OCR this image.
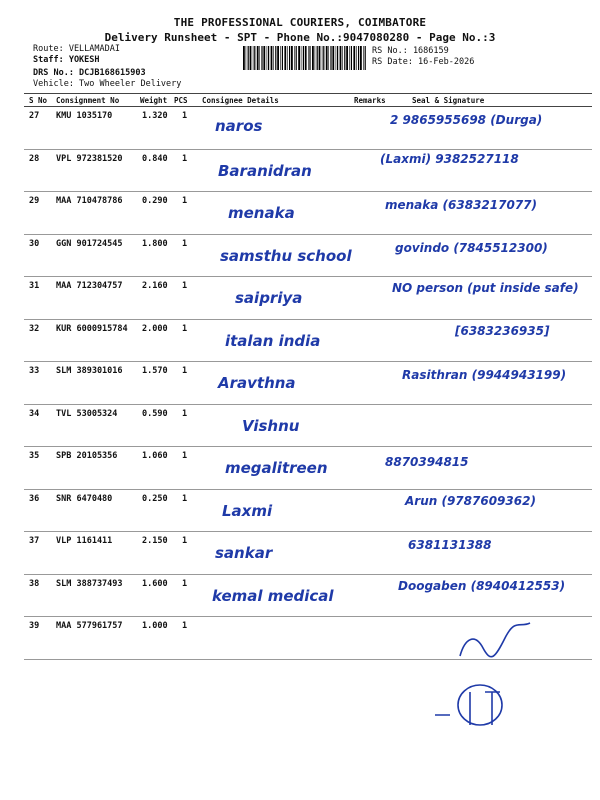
THE PROFESSIONAL COURIERS, COIMBATORE
Delivery Runsheet - SPT - Phone No.:9047080280 - Page No.:3
Route: VELLAMADAI
Staff: YOKESH
DRS No.: DCJB168615903
Vehicle: Two Wheeler Delivery
RS No.: 1686159
RS Date: 16-Feb-2026
S No Consignment No	Weight PCS Consignee Details	Remarks	Seal & Signature
27 KMU 1035170	1.320 1
naros	2 9865955698 (Durga)
28 VPL 972381520 0.840 1
Baranidran
(Laxmi) 9382527118
29 MAA 710478786 0.290 1
menaka	menaka (6383217077)
30 GGN 901724545 1.800 1
samsthu school	govindo (7845512300)
31 MAA 712304757 2.160 1
saipriya
NO person (put inside safe)
32 KUR 6000915784 2.000 1
italan india
[6383236935]
33 SLM 389301016 1.570 1
Aravthna	Rasithran (9944943199)
34 TVL 53005324	0.590 1
Vishnu
35 SPB 20105356	1.060 1
megalitreen	8870394815
36 SNR 6470480	0.250 1
Laxmi
Arun (9787609362)
37 VLP 1161411	2.150 1
sankar	6381131388
38 SLM 388737493 1.600 1
kemal medical
Doogaben (8940412553)
39 MAA 577961757 1.000 1
